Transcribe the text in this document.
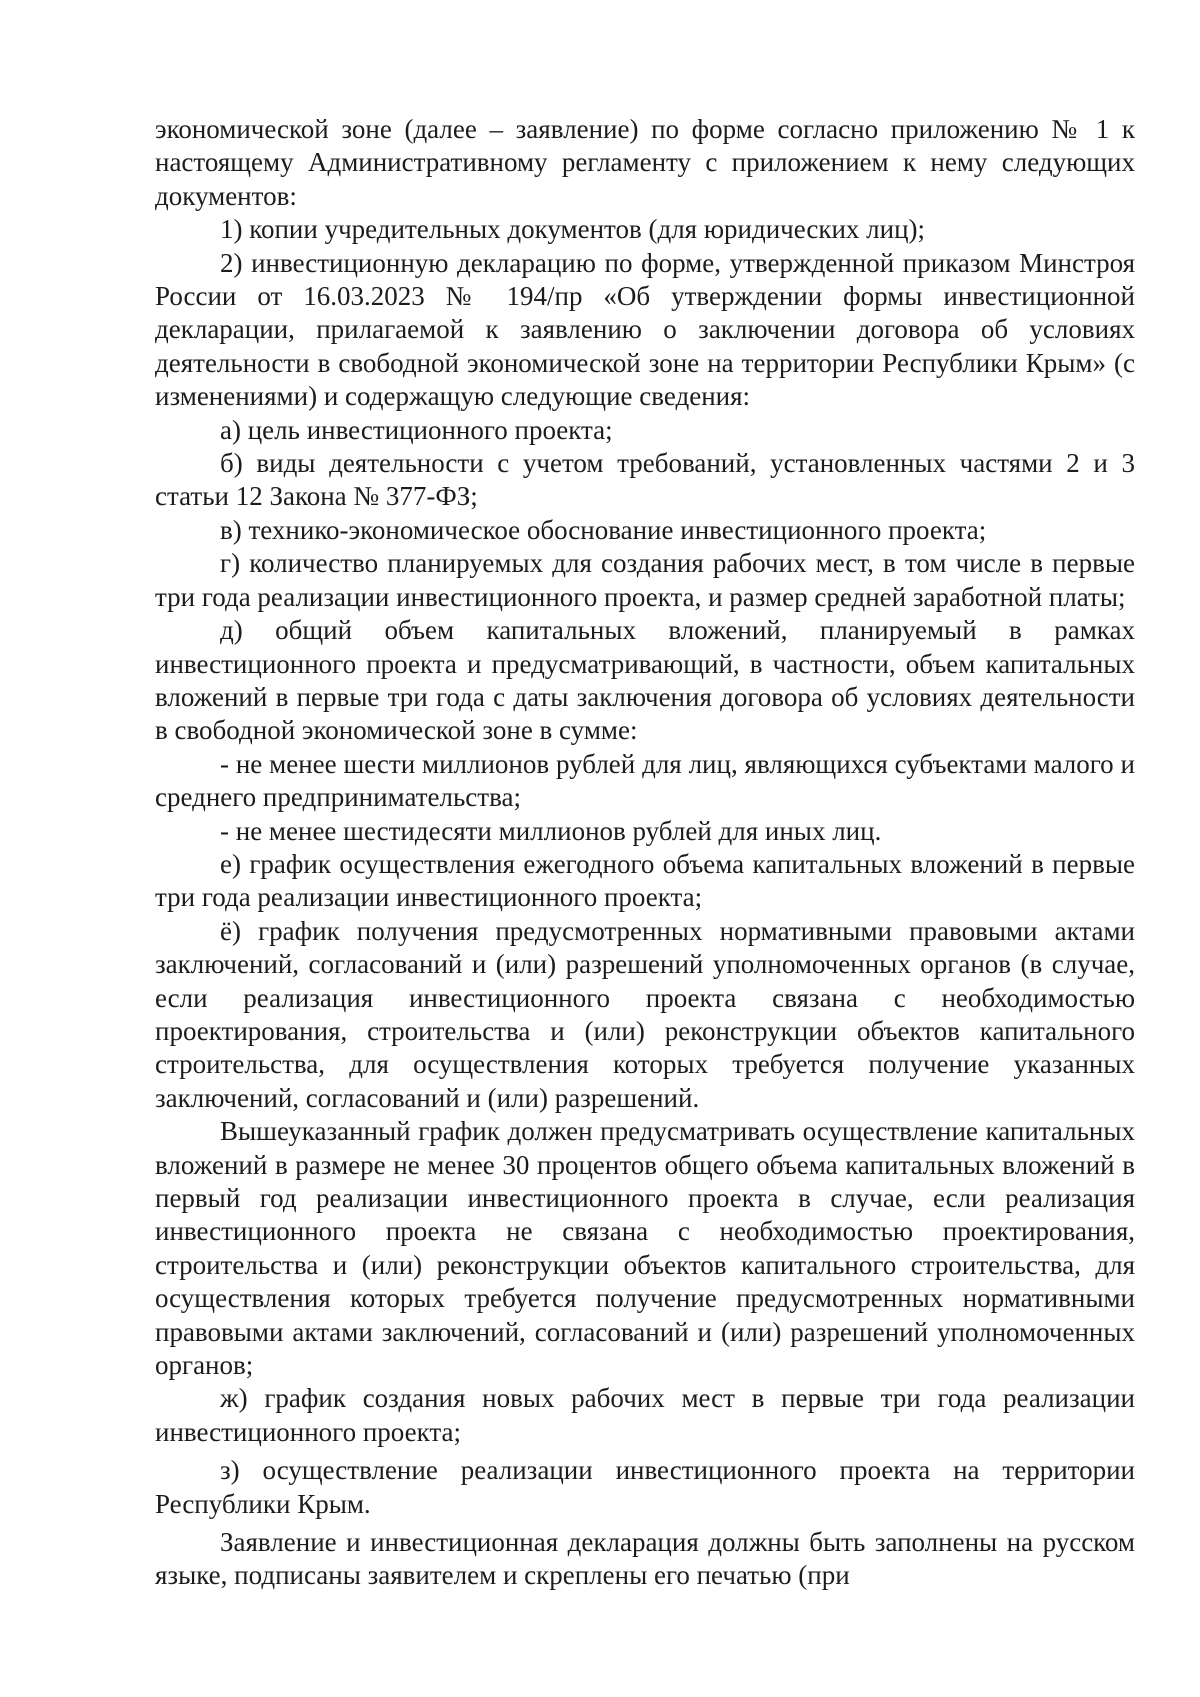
экономической зоне (далее – заявление) по форме согласно приложению № 1 к настоящему Административному регламенту с приложением к нему следующих документов:

1) копии учредительных документов (для юридических лиц);

2) инвестиционную декларацию по форме, утвержденной приказом Минстроя России от 16.03.2023 № 194/пр «Об утверждении формы инвестиционной декларации, прилагаемой к заявлению о заключении договора об условиях деятельности в свободной экономической зоне на территории Республики Крым» (с изменениями) и содержащую следующие сведения:

а) цель инвестиционного проекта;

б) виды деятельности с учетом требований, установленных частями 2 и 3 статьи 12 Закона № 377-ФЗ;

в) технико-экономическое обоснование инвестиционного проекта;

г) количество планируемых для создания рабочих мест, в том числе в первые три года реализации инвестиционного проекта, и размер средней заработной платы;

д) общий объем капитальных вложений, планируемый в рамках инвестиционного проекта и предусматривающий, в частности, объем капитальных вложений в первые три года с даты заключения договора об условиях деятельности в свободной экономической зоне в сумме:

- не менее шести миллионов рублей для лиц, являющихся субъектами малого и среднего предпринимательства;

- не менее шестидесяти миллионов рублей для иных лиц.

е) график осуществления ежегодного объема капитальных вложений в первые три года реализации инвестиционного проекта;

ё) график получения предусмотренных нормативными правовыми актами заключений, согласований и (или) разрешений уполномоченных органов (в случае, если реализация инвестиционного проекта связана с необходимостью проектирования, строительства и (или) реконструкции объектов капитального строительства, для осуществления которых требуется получение указанных заключений, согласований и (или) разрешений.

Вышеуказанный график должен предусматривать осуществление капитальных вложений в размере не менее 30 процентов общего объема капитальных вложений в первый год реализации инвестиционного проекта в случае, если реализация инвестиционного проекта не связана с необходимостью проектирования, строительства и (или) реконструкции объектов капитального строительства, для осуществления которых требуется получение предусмотренных нормативными правовыми актами заключений, согласований и (или) разрешений уполномоченных органов;

ж) график создания новых рабочих мест в первые три года реализации инвестиционного проекта;

з) осуществление реализации инвестиционного проекта на территории Республики Крым.

Заявление и инвестиционная декларация должны быть заполнены на русском языке, подписаны заявителем и скреплены его печатью (при
